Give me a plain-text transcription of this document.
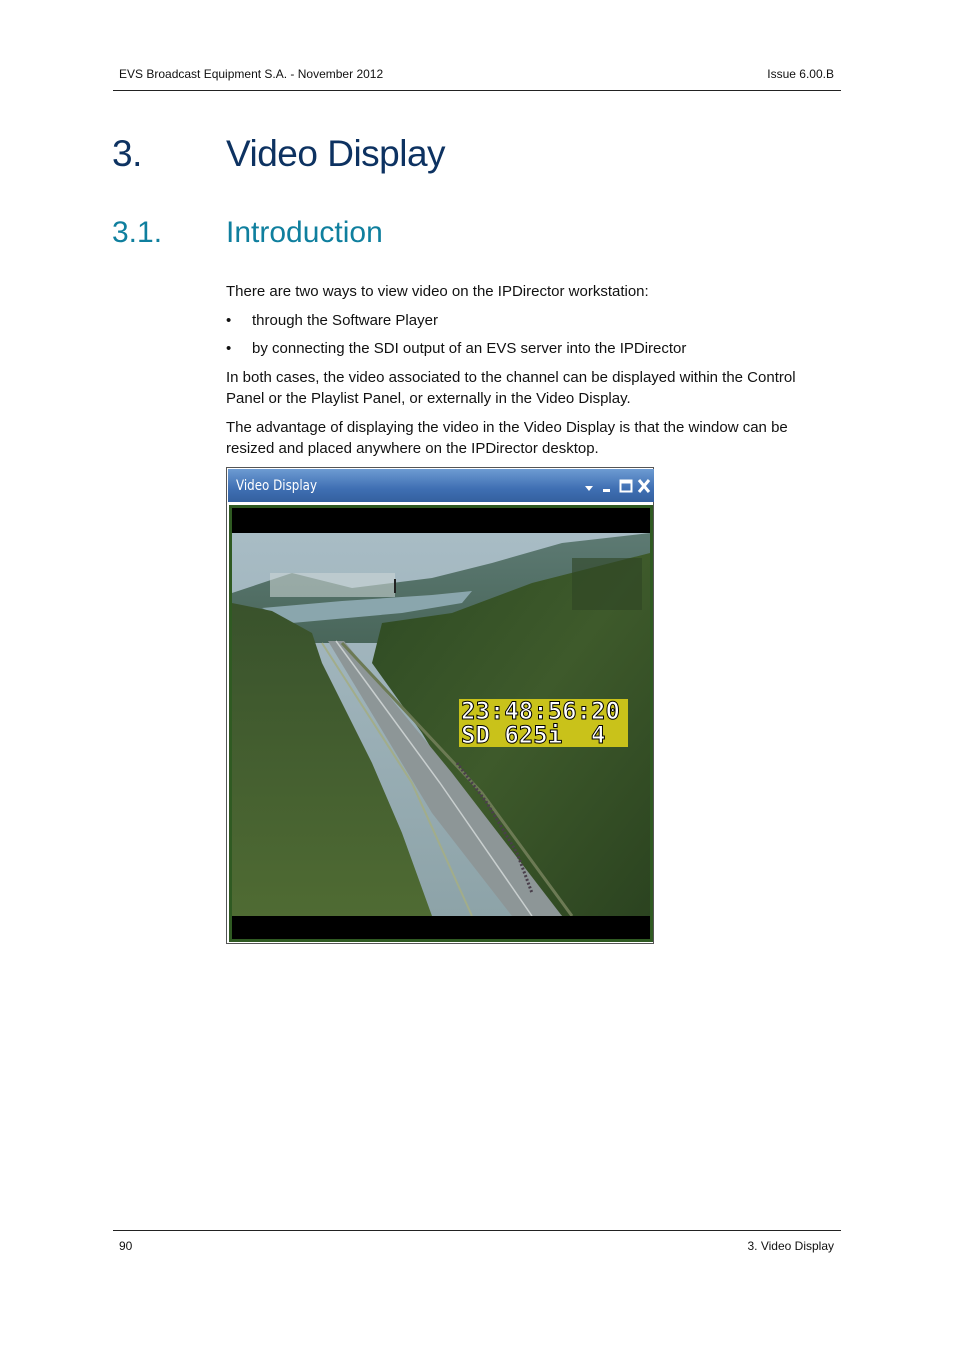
EVS Broadcast Equipment S.A. - November 2012	Issue 6.00.B
3. Video Display
3.1. Introduction

There are two ways to view video on the IPDirector workstation:

• through the Software Player
• by connecting the SDI output of an EVS server into the IPDirector

In both cases, the video associated to the channel can be displayed within the Control Panel or the Playlist Panel, or externally in the Video Display.

The advantage of displaying the video in the Video Display is that the window can be resized and placed anywhere on the IPDirector desktop.

Video Display
23:48:56:20
SD 625i  4
90	3. Video Display
